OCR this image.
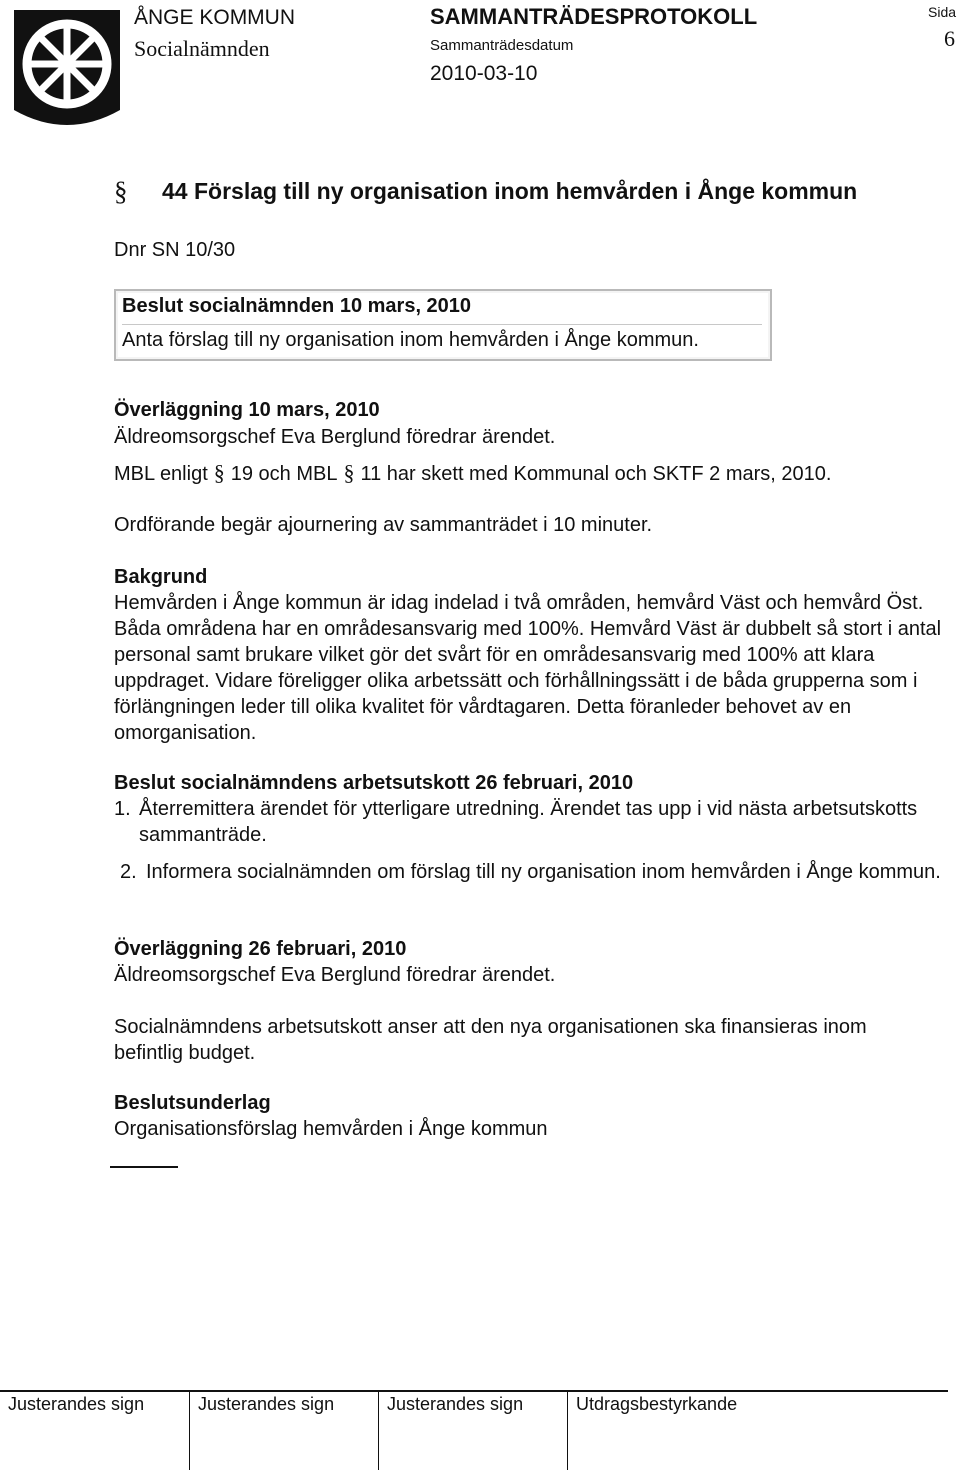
ÅNGE KOMMUN
Socialnämnden
SAMMANTRÄDESPROTOKOLL
Sammanträdesdatum
2010-03-10
Sida
6
§ 44 Förslag till ny organisation inom hemvården i Ånge kommun
Dnr SN 10/30
Beslut socialnämnden 10 mars, 2010
Anta förslag till ny organisation inom hemvården i Ånge kommun.
Överläggning 10 mars, 2010
Äldreomsorgschef Eva Berglund föredrar ärendet.
MBL enligt § 19 och MBL § 11 har skett med Kommunal och SKTF 2 mars, 2010.
Ordförande begär ajournering av sammanträdet i 10 minuter.
Bakgrund
Hemvården i Ånge kommun är idag indelad i två områden, hemvård Väst och hemvård Öst. Båda områdena har en områdesansvarig med 100%. Hemvård Väst är dubbelt så stort i antal personal samt brukare vilket gör det svårt för en områdesansvarig med 100% att klara uppdraget. Vidare föreligger olika arbetssätt och förhållningssätt i de båda grupperna som i förlängningen leder till olika kvalitet för vårdtagaren. Detta föranleder behovet av en omorganisation.
Beslut socialnämndens arbetsutskott 26 februari, 2010
1. Återremittera ärendet för ytterligare utredning. Ärendet tas upp i vid nästa arbetsutskotts sammanträde.
2. Informera socialnämnden om förslag till ny organisation inom hemvården i Ånge kommun.
Överläggning 26 februari, 2010
Äldreomsorgschef Eva Berglund föredrar ärendet.
Socialnämndens arbetsutskott anser att den nya organisationen ska finansieras inom befintlig budget.
Beslutsunderlag
Organisationsförslag hemvården i Ånge kommun
Justerandes sign	Justerandes sign	Justerandes sign	Utdragsbestyrkande
